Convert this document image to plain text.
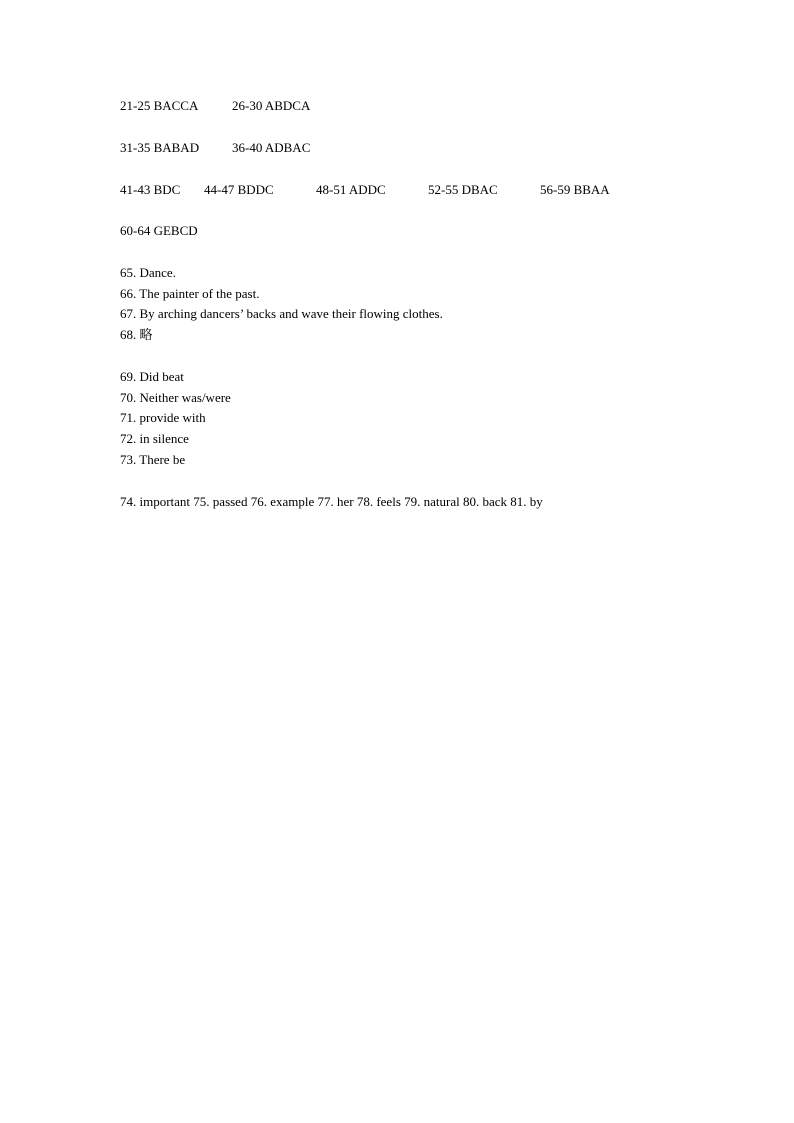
21-25 BACCA	26-30 ABDCA
31-35 BABAD	36-40 ADBAC
41-43 BDC 44-47 BDDC	48-51 ADDC	52-55 DBAC	56-59 BBAA
60-64 GEBCD
65. Dance.
66. The painter of the past.
67. By arching dancers’ backs and wave their flowing clothes.
68. 略
69. Did beat
70. Neither was/were
71. provide with
72. in silence
73. There be
74. important 75. passed 76. example 77. her 78. feels 79. natural 80. back 81. by
